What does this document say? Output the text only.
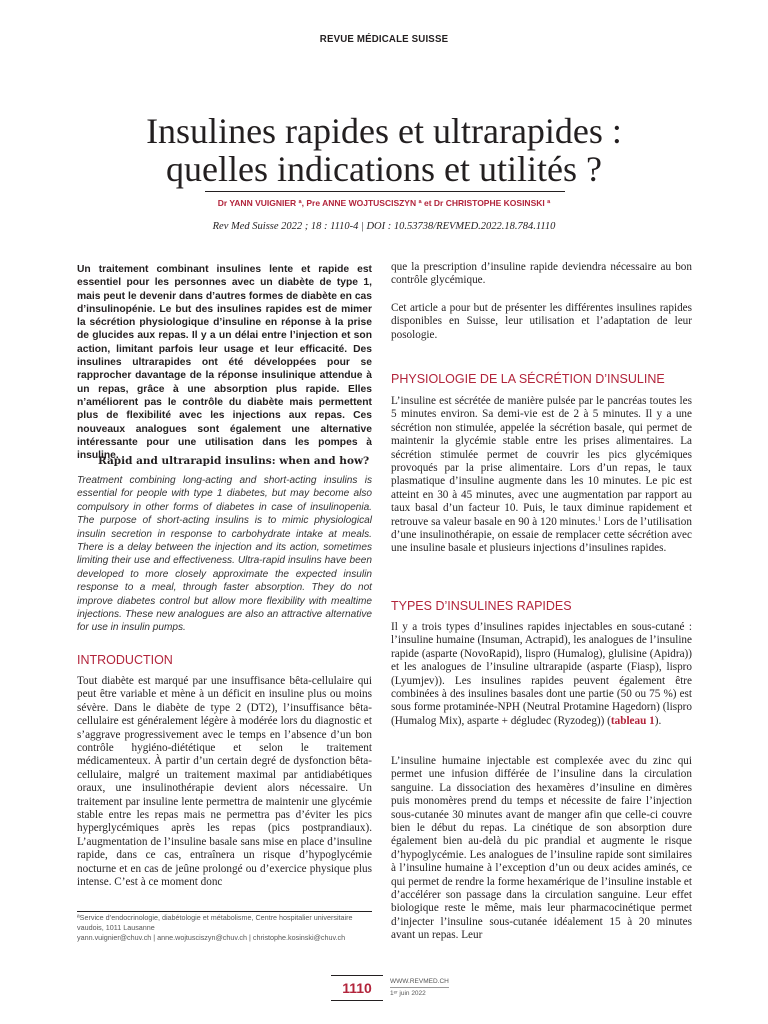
REVUE MÉDICALE SUISSE
Insulines rapides et ultrarapides :
quelles indications et utilités ?
Dr YANN VUIGNIER ª, Pre ANNE WOJTUSCISZYN ª et Dr CHRISTOPHE KOSINSKI ª
Rev Med Suisse 2022 ; 18 : 1110-4 | DOI : 10.53738/REVMED.2022.18.784.1110
Un traitement combinant insulines lente et rapide est essentiel pour les personnes avec un diabète de type 1, mais peut le devenir dans d’autres formes de diabète en cas d’insulinopénie. Le but des insulines rapides est de mimer la sécrétion physiologique d’insuline en réponse à la prise de glucides aux repas. Il y a un délai entre l’injection et son action, limitant parfois leur usage et leur efficacité. Des insulines ultrarapides ont été développées pour se rapprocher davantage de la réponse insulinique attendue à un repas, grâce à une absorption plus rapide. Elles n’améliorent pas le contrôle du diabète mais permettent plus de flexibilité avec les injections aux repas. Ces nouveaux analogues sont également une alternative intéressante pour une utilisation dans les pompes à insuline.
Rapid and ultrarapid insulins: when and how?
Treatment combining long-acting and short-acting insulins is essential for people with type 1 diabetes, but may become also compulsory in other forms of diabetes in case of insulinopenia. The purpose of short-acting insulins is to mimic physiological insulin secretion in response to carbohydrate intake at meals. There is a delay between the injection and its action, sometimes limiting their use and effectiveness. Ultra-rapid insulins have been developed to more closely approximate the expected insulin response to a meal, through faster absorption. They do not improve diabetes control but allow more flexibility with mealtime injections. These new analogues are also an attractive alternative for use in insulin pumps.
INTRODUCTION
Tout diabète est marqué par une insuffisance bêta-cellulaire qui peut être variable et mène à un déficit en insuline plus ou moins sévère. Dans le diabète de type 2 (DT2), l’insuffisance bêta-cellulaire est généralement légère à modérée lors du diagnostic et s’aggrave progressivement avec le temps en l’absence d’un bon contrôle hygiéno-diététique et selon le traitement médicamenteux. À partir d’un certain degré de dysfonction bêta-cellulaire, malgré un traitement maximal par antidiabétiques oraux, une insulinothérapie devient alors nécessaire. Un traitement par insuline lente permettra de maintenir une glycémie stable entre les repas mais ne permettra pas d’éviter les pics hyperglycémiques après les repas (pics postprandiaux). L’augmentation de l’insuline basale sans mise en place d’insuline rapide, dans ce cas, entraînera un risque d’hypoglycémie nocturne et en cas de jeûne prolongé ou d’exercice physique plus intense. C’est à ce moment donc
ªService d’endocrinologie, diabétologie et métabolisme, Centre hospitalier universitaire vaudois, 1011 Lausanne
yann.vuignier@chuv.ch | anne.wojtusciszyn@chuv.ch | christophe.kosinski@chuv.ch
que la prescription d’insuline rapide deviendra nécessaire au bon contrôle glycémique.
Cet article a pour but de présenter les différentes insulines rapides disponibles en Suisse, leur utilisation et l’adaptation de leur posologie.
PHYSIOLOGIE DE LA SÉCRÉTION D’INSULINE
L’insuline est sécrétée de manière pulsée par le pancréas toutes les 5 minutes environ. Sa demi-vie est de 2 à 5 minutes. Il y a une sécrétion non stimulée, appelée la sécrétion basale, qui permet de maintenir la glycémie stable entre les prises alimentaires. La sécrétion stimulée permet de couvrir les pics glycémiques provoqués par la prise alimentaire. Lors d’un repas, le taux plasmatique d’insuline augmente dans les 10 minutes. Le pic est atteint en 30 à 45 minutes, avec une augmentation par rapport au taux basal d’un facteur 10. Puis, le taux diminue rapidement et retrouve sa valeur basale en 90 à 120 minutes.$^1$ Lors de l’utilisation d’une insulinothérapie, on essaie de remplacer cette sécrétion avec une insuline basale et plusieurs injections d’insulines rapides.
TYPES D’INSULINES RAPIDES
Il y a trois types d’insulines rapides injectables en sous-cutané : l’insuline humaine (Insuman, Actrapid), les analogues de l’insuline rapide (asparte (NovoRapid), lispro (Humalog), glulisine (Apidra)) et les analogues de l’insuline ultrarapide (asparte (Fiasp), lispro (Lyumjev)). Les insulines rapides peuvent également être combinées à des insulines basales dont une partie (50 ou 75 %) est sous forme protaminée-NPH (Neutral Protamine Hagedorn) (lispro (Humalog Mix), asparte + dégludec (Ryzodeg)) (tableau 1).
L’insuline humaine injectable est complexée avec du zinc qui permet une infusion différée de l’insuline dans la circulation sanguine. La dissociation des hexamères d’insuline en dimères puis monomères prend du temps et nécessite de faire l’injection sous-cutanée 30 minutes avant de manger afin que celle-ci couvre bien le début du repas. La cinétique de son absorption dure également bien au-delà du pic prandial et augmente le risque d’hypoglycémie. Les analogues de l’insuline rapide sont similaires à l’insuline humaine à l’exception d’un ou deux acides aminés, ce qui permet de rendre la forme hexamérique de l’insuline instable et d’accélérer son passage dans la circulation sanguine. Leur effet biologique reste le même, mais leur pharmacocinétique permet d’injecter l’insuline sous-cutanée idéalement 15 à 20 minutes avant un repas. Leur
1110	WWW.REVMED.CH
1ᵉʳ juin 2022
